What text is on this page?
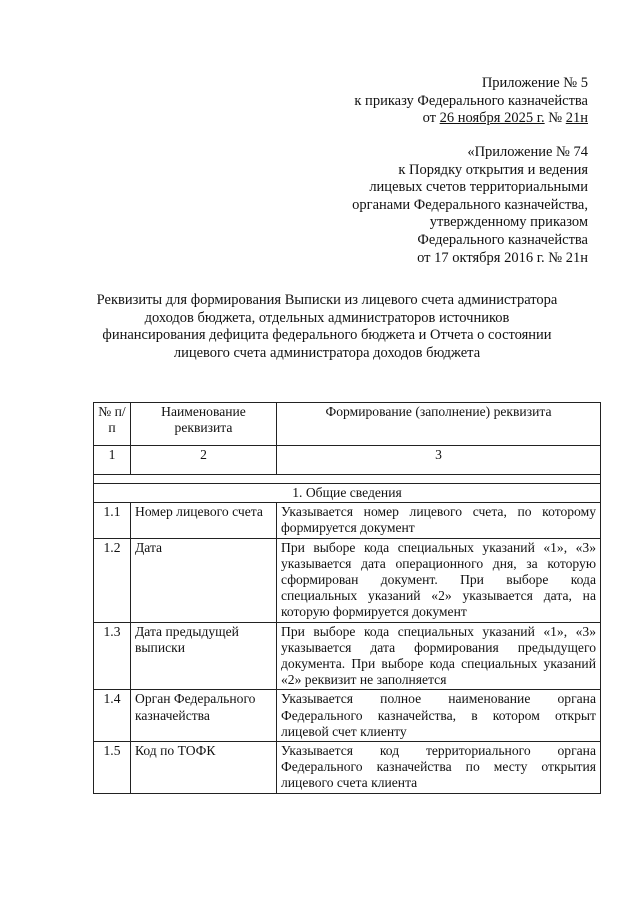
Приложение № 5
к приказу Федерального казначейства
от 26 ноября 2025 г. № 21н
«Приложение № 74
к Порядку открытия и ведения
лицевых счетов территориальными
органами Федерального казначейства,
утвержденному приказом
Федерального казначейства
от 17 октября 2016 г. № 21н
Реквизиты для формирования Выписки из лицевого счета администратора
доходов бюджета, отдельных администраторов источников
финансирования дефицита федерального бюджета и Отчета о состоянии
лицевого счета администратора доходов бюджета
№ п/п	Наименование реквизита	Формирование (заполнение) реквизита
1	2	3

1. Общие сведения		
1.1	Номер лицевого счета	Указывается номер лицевого счета, по которому формируется документ
1.2	Дата	При выборе кода специальных указаний «1», «3» указывается дата операционного дня, за которую сформирован документ. При выборе кода специальных указаний «2» указывается дата, на которую формируется документ
1.3	Дата предыдущей выписки	При выборе кода специальных указаний «1», «3» указывается дата формирования предыдущего документа. При выборе кода специальных указаний «2» реквизит не заполняется
1.4	Орган Федерального казначейства	Указывается полное наименование органа Федерального казначейства, в котором открыт лицевой счет клиенту
1.5	Код по ТОФК	Указывается код территориального органа Федерального казначейства по месту открытия лицевого счета клиента
